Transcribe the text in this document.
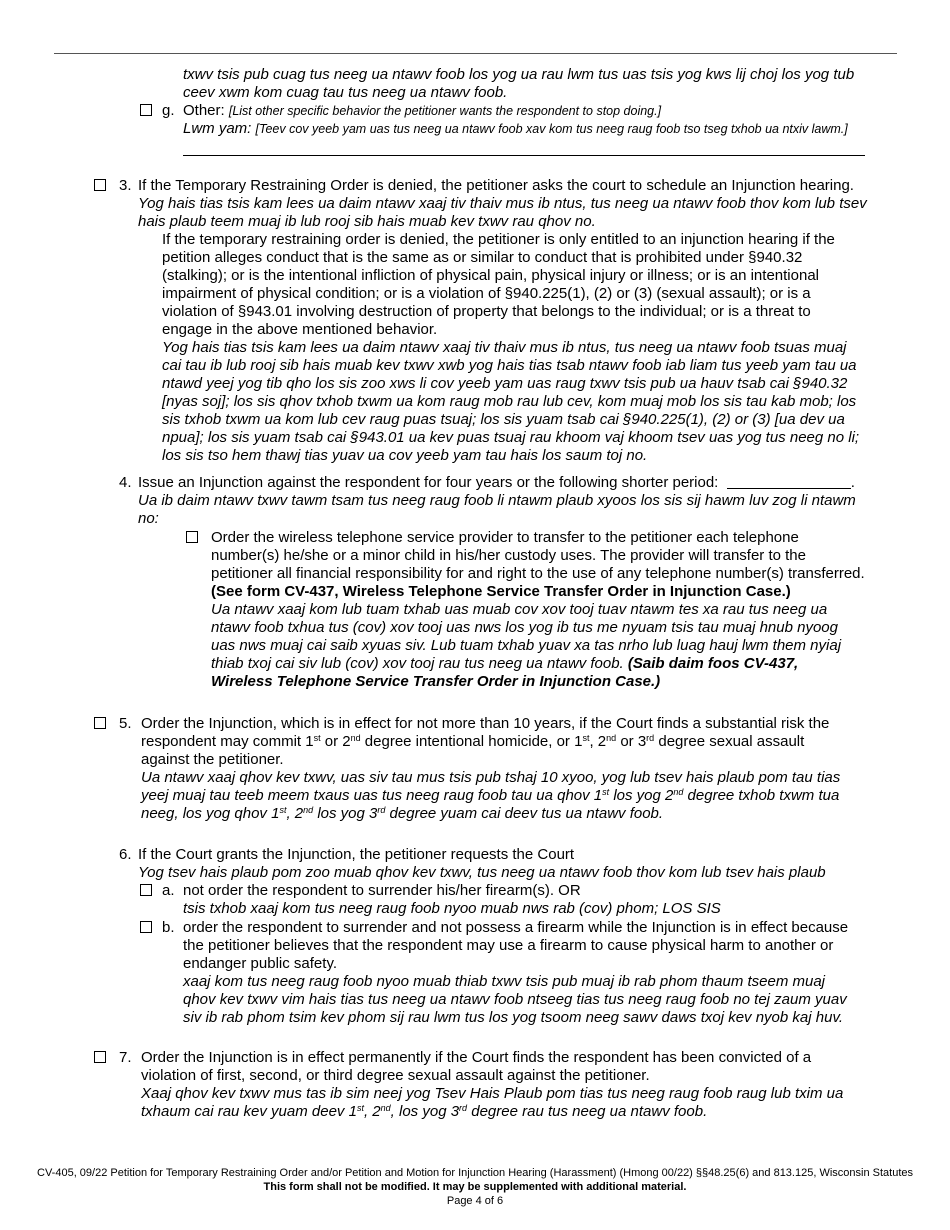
txwv tsis pub cuag tus neeg ua ntawv foob los yog ua rau lwm tus uas tsis yog kws lij choj los yog tub
ceev xwm kom cuag tau tus neeg ua ntawv foob.
g. Other: [List other specific behavior the petitioner wants the respondent to stop doing.]
Lwm yam: [Teev cov yeeb yam uas tus neeg ua ntawv foob xav kom tus neeg raug foob tso tseg txhob ua ntxiv lawm.]
3. If the Temporary Restraining Order is denied, the petitioner asks the court to schedule an Injunction hearing.
Yog hais tias tsis kam lees ua daim ntawv xaaj tiv thaiv mus ib ntus, tus neeg ua ntawv foob thov kom lub tsev
hais plaub teem muaj ib lub rooj sib hais muab kev txwv rau qhov no.
If the temporary restraining order is denied, the petitioner is only entitled to an injunction hearing if the
petition alleges conduct that is the same as or similar to conduct that is prohibited under §940.32
(stalking); or is the intentional infliction of physical pain, physical injury or illness; or is an intentional
impairment of physical condition; or is a violation of §940.225(1), (2) or (3) (sexual assault); or is a
violation of §943.01 involving destruction of property that belongs to the individual; or is a threat to
engage in the above mentioned behavior.
Yog hais tias tsis kam lees ua daim ntawv xaaj tiv thaiv mus ib ntus, tus neeg ua ntawv foob tsuas muaj
cai tau ib lub rooj sib hais muab kev txwv xwb yog hais tias tsab ntawv foob iab liam tus yeeb yam tau ua
ntawd yeej yog tib qho los sis zoo xws li cov yeeb yam uas raug txwv tsis pub ua hauv tsab cai §940.32
[nyas soj]; los sis qhov txhob txwm ua kom raug mob rau lub cev, kom muaj mob los sis tau kab mob; los
sis txhob txwm ua kom lub cev raug puas tsuaj; los sis yuam tsab cai §940.225(1), (2) or (3) [ua dev ua
npua]; los sis yuam tsab cai §943.01 ua kev puas tsuaj rau khoom vaj khoom tsev uas yog tus neeg no li;
los sis tso hem thawj tias yuav ua cov yeeb yam tau hais los saum toj no.
4. Issue an Injunction against the respondent for four years or the following shorter period:	.
Ua ib daim ntawv txwv tawm tsam tus neeg raug foob li ntawm plaub xyoos los sis sij hawm luv zog li ntawm
no:
Order the wireless telephone service provider to transfer to the petitioner each telephone
number(s) he/she or a minor child in his/her custody uses. The provider will transfer to the
petitioner all financial responsibility for and right to the use of any telephone number(s) transferred.
(See form CV-437, Wireless Telephone Service Transfer Order in Injunction Case.)
Ua ntawv xaaj kom lub tuam txhab uas muab cov xov tooj tuav ntawm tes xa rau tus neeg ua
ntawv foob txhua tus (cov) xov tooj uas nws los yog ib tus me nyuam tsis tau muaj hnub nyoog
uas nws muaj cai saib xyuas siv. Lub tuam txhab yuav xa tas nrho lub luag hauj lwm them nyiaj
thiab txoj cai siv lub (cov) xov tooj rau tus neeg ua ntawv foob. (Saib daim foos CV-437,
Wireless Telephone Service Transfer Order in Injunction Case.)
5. Order the Injunction, which is in effect for not more than 10 years, if the Court finds a substantial risk the
respondent may commit 1st or 2nd degree intentional homicide, or 1st, 2nd or 3rd degree sexual assault
against the petitioner.
Ua ntawv xaaj qhov kev txwv, uas siv tau mus tsis pub tshaj 10 xyoo, yog lub tsev hais plaub pom tau tias
yeej muaj tau teeb meem txaus uas tus neeg raug foob tau ua qhov 1st los yog 2nd degree txhob txwm tua
neeg, los yog qhov 1st, 2nd los yog 3rd degree yuam cai deev tus ua ntawv foob.
6. If the Court grants the Injunction, the petitioner requests the Court
Yog tsev hais plaub pom zoo muab qhov kev txwv, tus neeg ua ntawv foob thov kom lub tsev hais plaub
a. not order the respondent to surrender his/her firearm(s). OR
tsis txhob xaaj kom tus neeg raug foob nyoo muab nws rab (cov) phom; LOS SIS
b. order the respondent to surrender and not possess a firearm while the Injunction is in effect because
the petitioner believes that the respondent may use a firearm to cause physical harm to another or
endanger public safety.
xaaj kom tus neeg raug foob nyoo muab thiab txwv tsis pub muaj ib rab phom thaum tseem muaj
qhov kev txwv vim hais tias tus neeg ua ntawv foob ntseeg tias tus neeg raug foob no tej zaum yuav
siv ib rab phom tsim kev phom sij rau lwm tus los yog tsoom neeg sawv daws txoj kev nyob kaj huv.
7. Order the Injunction is in effect permanently if the Court finds the respondent has been convicted of a
violation of first, second, or third degree sexual assault against the petitioner.
Xaaj qhov kev txwv mus tas ib sim neej yog Tsev Hais Plaub pom tias tus neeg raug foob raug lub txim ua
txhaum cai rau kev yuam deev 1st, 2nd, los yog 3rd degree rau tus neeg ua ntawv foob.
CV-405, 09/22 Petition for Temporary Restraining Order and/or Petition and Motion for Injunction Hearing (Harassment) (Hmong 00/22) §§48.25(6) and 813.125, Wisconsin Statutes
This form shall not be modified. It may be supplemented with additional material.
Page 4 of 6
